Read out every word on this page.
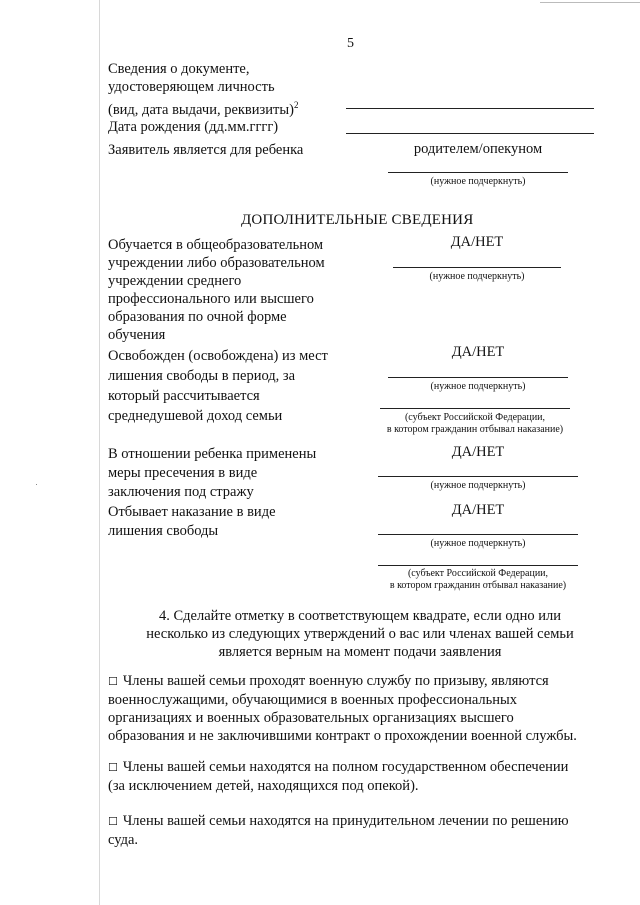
5
Сведения о документе,
удостоверяющем личность
(вид, дата выдачи, реквизиты)$^2$
Дата рождения (дд.мм.гггг)
Заявитель является для ребенка	родителем/опекуном
(нужное подчеркнуть)
ДОПОЛНИТЕЛЬНЫЕ СВЕДЕНИЯ
Обучается в общеобразовательном
учреждении либо образовательном
учреждении среднего
профессионального или высшего
образования по очной форме
обучения
ДА/НЕТ
(нужное подчеркнуть)
Освобожден (освобождена) из мест
лишения свободы в период, за
который рассчитывается
среднедушевой доход семьи
ДА/НЕТ
(нужное подчеркнуть)
(субъект Российской Федерации,
в котором гражданин отбывал наказание)
В отношении ребенка применены
меры пресечения в виде
заключения под стражу
ДА/НЕТ
(нужное подчеркнуть)
Отбывает наказание в виде
лишения свободы
ДА/НЕТ
(нужное подчеркнуть)
(субъект Российской Федерации,
в котором гражданин отбывал наказание)
4. Сделайте отметку в соответствующем квадрате, если одно или
несколько из следующих утверждений о вас или членах вашей семьи
является верным на момент подачи заявления
☐ Члены вашей семьи проходят военную службу по призыву, являются
военнослужащими, обучающимися в военных профессиональных
организациях и военных образовательных организациях высшего
образования и не заключившими контракт о прохождении военной службы.
☐ Члены вашей семьи находятся на полном государственном обеспечении
(за исключением детей, находящихся под опекой).
☐ Члены вашей семьи находятся на принудительном лечении по решению
суда.
